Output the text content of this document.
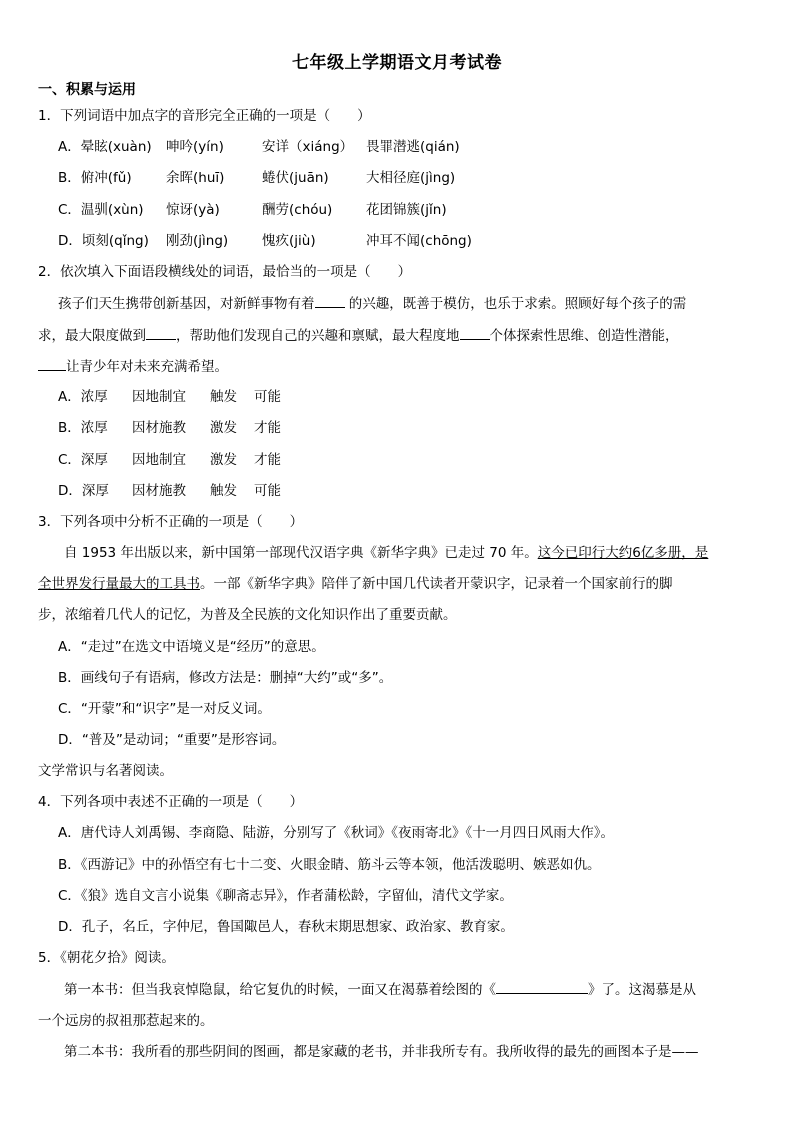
七年级上学期语文月考试卷
一、积累与运用
1．下列词语中加点字的音形完全正确的一项是（　　）
A．晕眩(xuàn) 呻吟(yín)	安详（xiáng） 畏罪潜逃(qián)
B．俯冲(fǔ)	余晖(huī)	蜷伏(juān)	大相径庭(jìng)
C．温驯(xùn) 惊讶(yà)	酬劳(chóu) 花团锦簇(jǐn)
D．顷刻(qǐng) 刚劲(jìng)	愧疚(jiù)	冲耳不闻(chōng)
2．依次填入下面语段横线处的词语，最恰当的一项是（　　）
孩子们天生携带创新基因，对新鲜事物有着	的兴趣，既善于模仿，也乐于求索。照顾好每个孩子的需
求，最大限度做到 ，帮助他们发现自己的兴趣和禀赋，最大程度地 个体探索性思维、创造性潜能，
让青少年对未来充满希望。
A．浓厚 因地制宜 触发 可能
B．浓厚 因材施教 激发 才能
C．深厚 因地制宜 激发 才能
D．深厚 因材施教 触发 可能
3．下列各项中分析不正确的一项是（　　）
自 1953 年出版以来，新中国第一部现代汉语字典《新华字典》已走过 70 年。这今已印行大约6亿多册，是
全世界发行量最大的工具书。一部《新华字典》陪伴了新中国几代读者开蒙识字，记录着一个国家前行的脚
步，浓缩着几代人的记忆，为普及全民族的文化知识作出了重要贡献。
A．“走过”在选文中语境义是“经历”的意思。
B．画线句子有语病，修改方法是：删掉“大约”或“多”。
C．“开蒙”和“识字”是一对反义词。
D．“普及”是动词；“重要”是形容词。
文学常识与名著阅读。
4．下列各项中表述不正确的一项是（　　）
A．唐代诗人刘禹锡、李商隐、陆游，分别写了《秋词》《夜雨寄北》《十一月四日风雨大作》。
B．《西游记》中的孙悟空有七十二变、火眼金睛、筋斗云等本领，他活泼聪明、嫉恶如仇。
C．《狼》选自文言小说集《聊斋志异》，作者蒲松龄，字留仙，清代文学家。
D．孔子，名丘，字仲尼，鲁国陬邑人，春秋末期思想家、政治家、教育家。
5．《朝花夕拾》阅读。
第一本书：但当我哀悼隐鼠，给它复仇的时候，一面又在渴慕着绘图的《	》了。这渴慕是从
一个远房的叔祖那惹起来的。
第二本书：我所看的那些阴间的图画，都是家藏的老书，并非我所专有。我所收得的最先的画图本子是——
